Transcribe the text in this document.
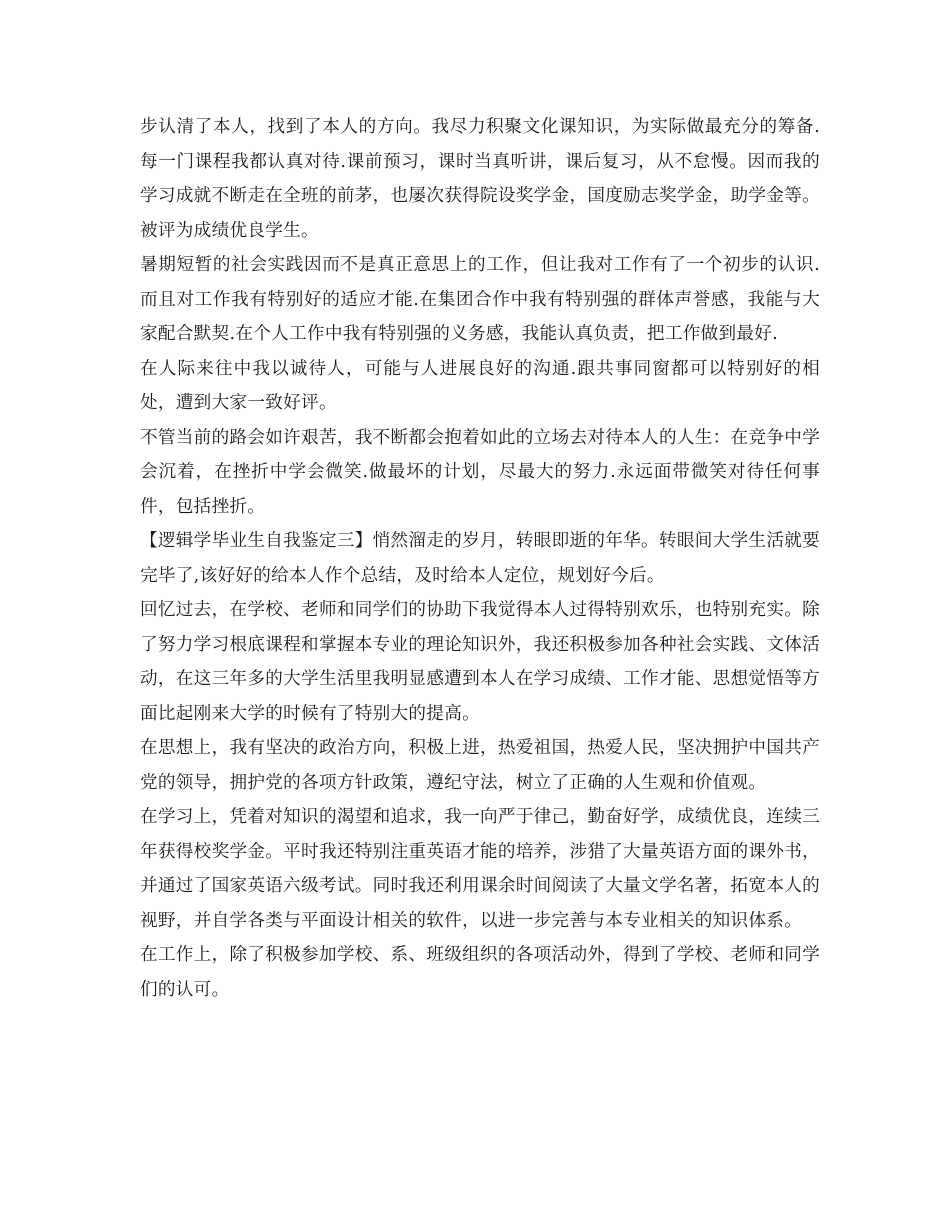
步认清了本人，找到了本人的方向。我尽力积聚文化课知识，为实际做最充分的筹备.每一门课程我都认真对待.课前预习，课时当真听讲，课后复习，从不怠慢。因而我的学习成就不断走在全班的前茅，也屡次获得院设奖学金，国度励志奖学金，助学金等。被评为成绩优良学生。

暑期短暂的社会实践因而不是真正意思上的工作，但让我对工作有了一个初步的认识.而且对工作我有特别好的适应才能.在集团合作中我有特别强的群体声誉感，我能与大家配合默契.在个人工作中我有特别强的义务感，我能认真负责，把工作做到最好.

在人际来往中我以诚待人，可能与人进展良好的沟通.跟共事同窗都可以特别好的相处，遭到大家一致好评。

不管当前的路会如许艰苦，我不断都会抱着如此的立场去对待本人的人生：在竞争中学会沉着，在挫折中学会微笑.做最坏的计划，尽最大的努力.永远面带微笑对待任何事件，包括挫折。

【逻辑学毕业生自我鉴定三】悄然溜走的岁月，转眼即逝的年华。转眼间大学生活就要完毕了,该好好的给本人作个总结，及时给本人定位，规划好今后。

回忆过去，在学校、老师和同学们的协助下我觉得本人过得特别欢乐，也特别充实。除了努力学习根底课程和掌握本专业的理论知识外，我还积极参加各种社会实践、文体活动，在这三年多的大学生活里我明显感遭到本人在学习成绩、工作才能、思想觉悟等方面比起刚来大学的时候有了特别大的提高。

在思想上，我有坚决的政治方向，积极上进，热爱祖国，热爱人民，坚决拥护中国共产党的领导，拥护党的各项方针政策，遵纪守法，树立了正确的人生观和价值观。

在学习上，凭着对知识的渴望和追求，我一向严于律己，勤奋好学，成绩优良，连续三年获得校奖学金。平时我还特别注重英语才能的培养，涉猎了大量英语方面的课外书，并通过了国家英语六级考试。同时我还利用课余时间阅读了大量文学名著，拓宽本人的视野，并自学各类与平面设计相关的软件，以进一步完善与本专业相关的知识体系。

在工作上，除了积极参加学校、系、班级组织的各项活动外，得到了学校、老师和同学们的认可。
